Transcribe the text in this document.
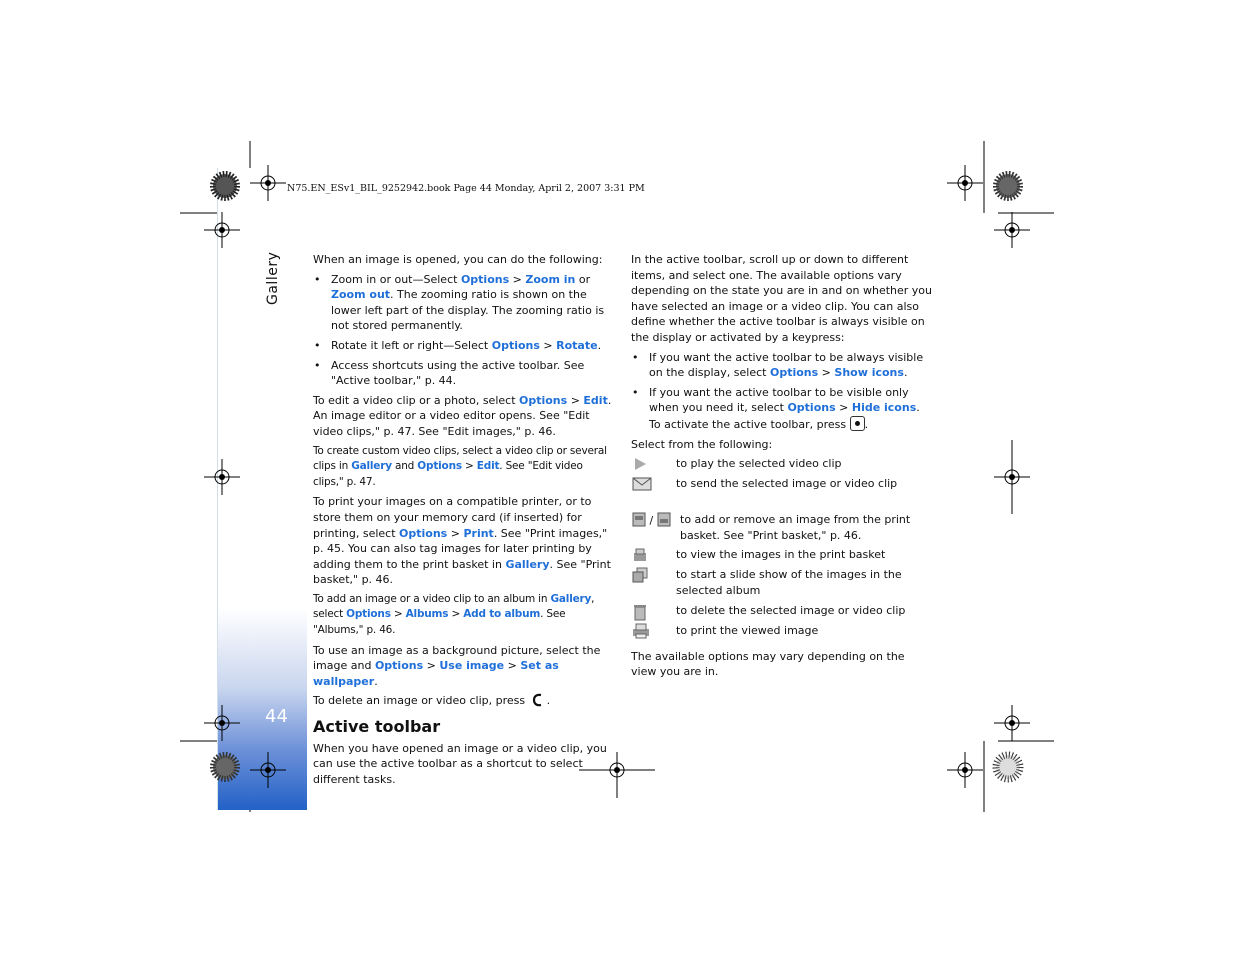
Gallery
44
N75.EN_ESv1_BIL_9252942.book Page 44 Monday, April 2, 2007 3:31 PM

When an image is opened, you can do the following:

• Zoom in or out—Select Options > Zoom in or Zoom out. The zooming ratio is shown on the lower left part of the display. The zooming ratio is not stored permanently.
• Rotate it left or right—Select Options > Rotate.
• Access shortcuts using the active toolbar. See "Active toolbar," p. 44.

To edit a video clip or a photo, select Options > Edit. An image editor or a video editor opens. See "Edit video clips," p. 47. See "Edit images," p. 46.

To create custom video clips, select a video clip or several clips in Gallery and Options > Edit. See "Edit video clips," p. 47.

To print your images on a compatible printer, or to store them on your memory card (if inserted) for printing, select Options > Print. See "Print images," p. 45. You can also tag images for later printing by adding them to the print basket in Gallery. See "Print basket," p. 46.

To add an image or a video clip to an album in Gallery, select Options > Albums > Add to album. See "Albums," p. 46.

To use an image as a background picture, select the image and Options > Use image > Set as wallpaper.

To delete an image or video clip, press .

Active toolbar

When you have opened an image or a video clip, you can use the active toolbar as a shortcut to select different tasks.

In the active toolbar, scroll up or down to different items, and select one. The available options vary depending on the state you are in and on whether you have selected an image or a video clip. You can also define whether the active toolbar is always visible on the display or activated by a keypress:

• If you want the active toolbar to be always visible on the display, select Options > Show icons.
• If you want the active toolbar to be visible only when you need it, select Options > Hide icons. To activate the active toolbar, press .

Select from the following:

to play the selected video clip
to send the selected image or video clip
/	to add or remove an image from the print basket. See "Print basket," p. 46.
to view the images in the print basket
to start a slide show of the images in the selected album
to delete the selected image or video clip
to print the viewed image

The available options may vary depending on the view you are in.
